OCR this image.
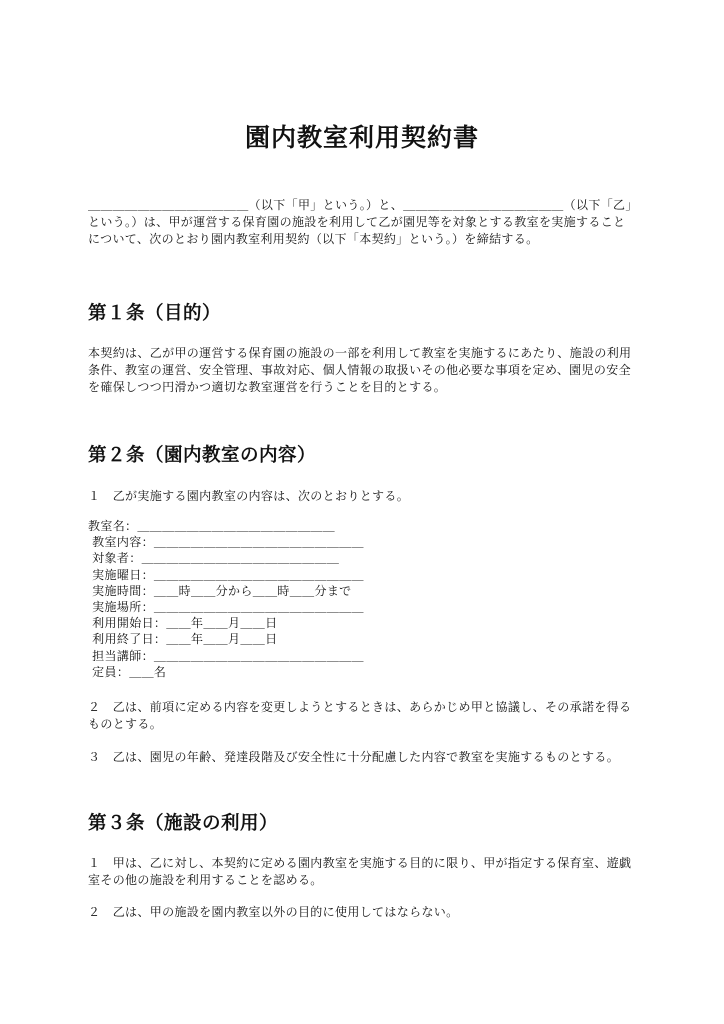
園内教室利用契約書

＿＿＿＿＿＿＿＿＿＿＿＿＿（以下「甲」という。）と、＿＿＿＿＿＿＿＿＿＿＿＿＿（以下「乙」という。）は、甲が運営する保育園の施設を利用して乙が園児等を対象とする教室を実施することについて、次のとおり園内教室利用契約（以下「本契約」という。）を締結する。

第１条（目的）

本契約は、乙が甲の運営する保育園の施設の一部を利用して教室を実施するにあたり、施設の利用条件、教室の運営、安全管理、事故対応、個人情報の取扱いその他必要な事項を定め、園児の安全を確保しつつ円滑かつ適切な教室運営を行うことを目的とする。

第２条（園内教室の内容）

１　乙が実施する園内教室の内容は、次のとおりとする。

教室名：＿＿＿＿＿＿＿＿＿＿＿＿＿＿＿＿
教室内容：＿＿＿＿＿＿＿＿＿＿＿＿＿＿＿＿＿
対象者：＿＿＿＿＿＿＿＿＿＿＿＿＿＿＿＿
実施曜日：＿＿＿＿＿＿＿＿＿＿＿＿＿＿＿＿＿
実施時間：＿＿時＿＿分から＿＿時＿＿分まで
実施場所：＿＿＿＿＿＿＿＿＿＿＿＿＿＿＿＿＿
利用開始日：＿＿年＿＿月＿＿日
利用終了日：＿＿年＿＿月＿＿日
担当講師：＿＿＿＿＿＿＿＿＿＿＿＿＿＿＿＿＿
定員：＿＿名

２　乙は、前項に定める内容を変更しようとするときは、あらかじめ甲と協議し、その承諾を得るものとする。

３　乙は、園児の年齢、発達段階及び安全性に十分配慮した内容で教室を実施するものとする。

第３条（施設の利用）

１　甲は、乙に対し、本契約に定める園内教室を実施する目的に限り、甲が指定する保育室、遊戯室その他の施設を利用することを認める。

２　乙は、甲の施設を園内教室以外の目的に使用してはならない。
